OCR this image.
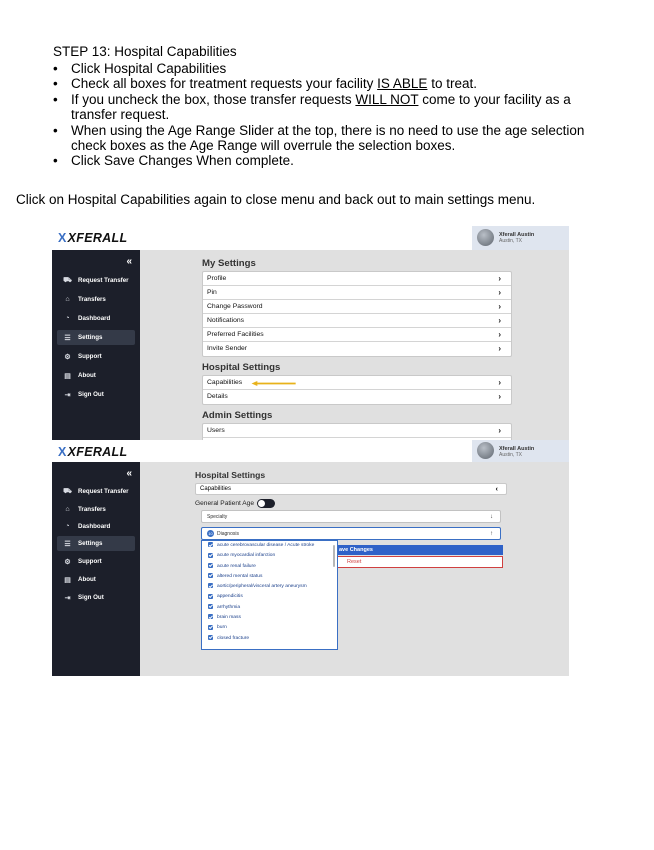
STEP 13: Hospital Capabilities
• Click Hospital Capabilities
• Check all boxes for treatment requests your facility IS ABLE to treat.
• If you uncheck the box, those transfer requests WILL NOT come to your facility as a transfer request.
• When using the Age Range Slider at the top, there is no need to use the age selection check boxes as the Age Range will overrule the selection boxes.
• Click Save Changes When complete.
Click on Hospital Capabilities again to close menu and back out to main settings menu.
XXFERALL	Xferall Austin
Austin, TX
«
⛟ Request Transfer
⌂	Transfers
◔	Dashboard
☰ Settings
⚙ Support
▤ About
⇥ Sign Out
My Settings
Profile	›
Pin	›
Change Password	›
Notifications	›
Preferred Facilities	›
Invite Sender	›
Hospital Settings
Capabilities	›
Details	›
Admin Settings
Users	›
XXFERALL	Xferall Austin
Austin, TX
«
⛟ Request Transfer
⌂	Transfers
◔	Dashboard
☰ Settings
⚙ Support
▤ About
⇥ Sign Out
Hospital Settings
Capabilities	‹
General Patient Age
Specialty	↓
10 Diagnosis	↑
ave Changes
Reset
acute cerebrovascular disease / Acute stroke
acute myocardial infarction
acute renal failure
altered mental status
aortic/peripheral/visceral artery aneurysm
appendicitis
arrhythmia
brain mass
burn
closed fracture
